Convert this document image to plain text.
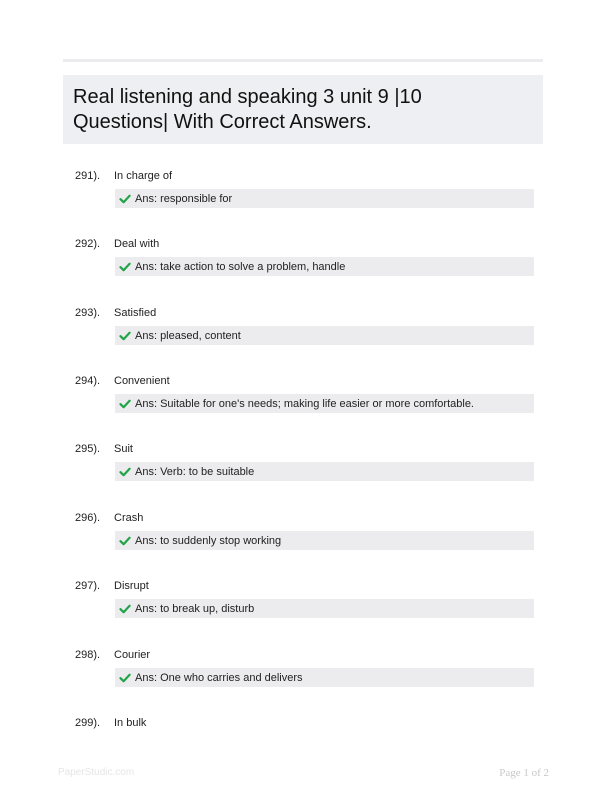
Real listening and speaking 3 unit 9 |10
Questions| With Correct Answers.
291). In charge of
Ans: responsible for
292). Deal with
Ans: take action to solve a problem, handle
293). Satisfied
Ans: pleased, content
294). Convenient
Ans: Suitable for one's needs; making life easier or more comfortable.
295). Suit
Ans: Verb: to be suitable
296). Crash
Ans: to suddenly stop working
297). Disrupt
Ans: to break up, disturb
298). Courier
Ans: One who carries and delivers
299). In bulk
PaperStudic.com	Page 1 of 2
